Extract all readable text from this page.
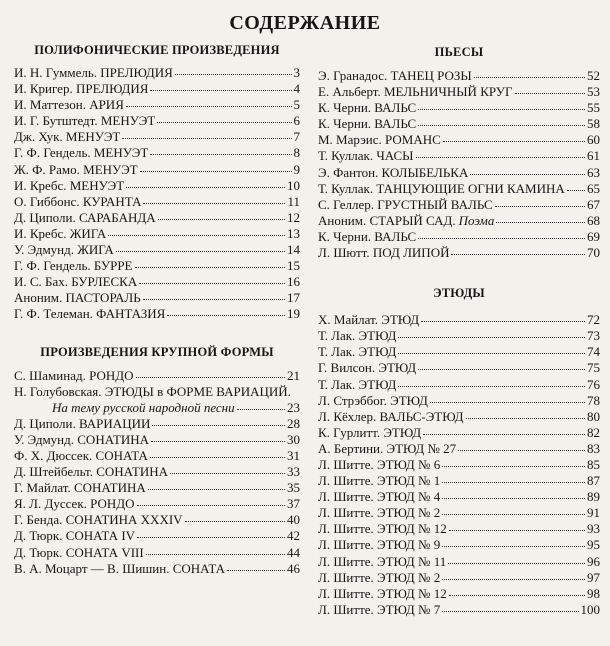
СОДЕРЖАНИЕ
ПОЛИФОНИЧЕСКИЕ ПРОИЗВЕДЕНИЯ
И. Н. Гуммель. ПРЕЛЮДИЯ	3
И. Кригер. ПРЕЛЮДИЯ	4
И. Маттезон. АРИЯ	5
И. Г. Бутштедт. МЕНУЭТ	6
Дж. Хук. МЕНУЭТ	7
Г. Ф. Гендель. МЕНУЭТ	8
Ж. Ф. Рамо. МЕНУЭТ	9
И. Кребс. МЕНУЭТ	10
О. Гиббонс. КУРАНТА	11
Д. Циполи. САРАБАНДА	12
И. Кребс. ЖИГА	13
У. Эдмунд. ЖИГА	14
Г. Ф. Гендель. БУРРЕ	15
И. С. Бах. БУРЛЕСКА	16
Аноним. ПАСТОРАЛЬ	17
Г. Ф. Телеман. ФАНТАЗИЯ	19
ПРОИЗВЕДЕНИЯ КРУПНОЙ ФОРМЫ
С. Шаминад. РОНДО	21
Н. Голубовская. ЭТЮДЫ в ФОРМЕ ВАРИАЦИЙ.
На тему русской народной песни	23
Д. Циполи. ВАРИАЦИИ	28
У. Эдмунд. СОНАТИНА	30
Ф. Х. Дюссек. СОНАТА	31
Д. Штейбельт. СОНАТИНА	33
Г. Майлат. СОНАТИНА	35
Я. Л. Дуссек. РОНДО	37
Г. Бенда. СОНАТИНА XXXIV	40
Д. Тюрк. СОНАТА IV	42
Д. Тюрк. СОНАТА VIII	44
В. А. Моцарт — В. Шишин. СОНАТА	46
ПЬЕСЫ
Э. Гранадос. ТАНЕЦ РОЗЫ	52
Е. Альберт. МЕЛЬНИЧНЫЙ КРУГ	53
К. Черни. ВАЛЬС	55
К. Черни. ВАЛЬС	58
М. Марэис. РОМАНС	60
Т. Куллак. ЧАСЫ	61
Э. Фантон. КОЛЫБЕЛЬКА	63
Т. Куллак. ТАНЦУЮЩИЕ ОГНИ КАМИНА 65
С. Геллер. ГРУСТНЫЙ ВАЛЬС	67
Аноним. СТАРЫЙ САД. Поэма	68
К. Черни. ВАЛЬС	69
Л. Шютт. ПОД ЛИПОЙ	70
ЭТЮДЫ
Х. Майлат. ЭТЮД	72
Т. Лак. ЭТЮД	73
Т. Лак. ЭТЮД	74
Г. Вилсон. ЭТЮД	75
Т. Лак. ЭТЮД	76
Л. Стрэббог. ЭТЮД	78
Л. Кёхлер. ВАЛЬС-ЭТЮД	80
К. Гурлитт. ЭТЮД	82
А. Бертини. ЭТЮД № 27	83
Л. Шитте. ЭТЮД № 6	85
Л. Шитте. ЭТЮД № 1	87
Л. Шитте. ЭТЮД № 4	89
Л. Шитте. ЭТЮД № 2	91
Л. Шитте. ЭТЮД № 12	93
Л. Шитте. ЭТЮД № 9	95
Л. Шитте. ЭТЮД № 11	96
Л. Шитте. ЭТЮД № 2	97
Л. Шитте. ЭТЮД № 12	98
Л. Шитте. ЭТЮД № 7	100
